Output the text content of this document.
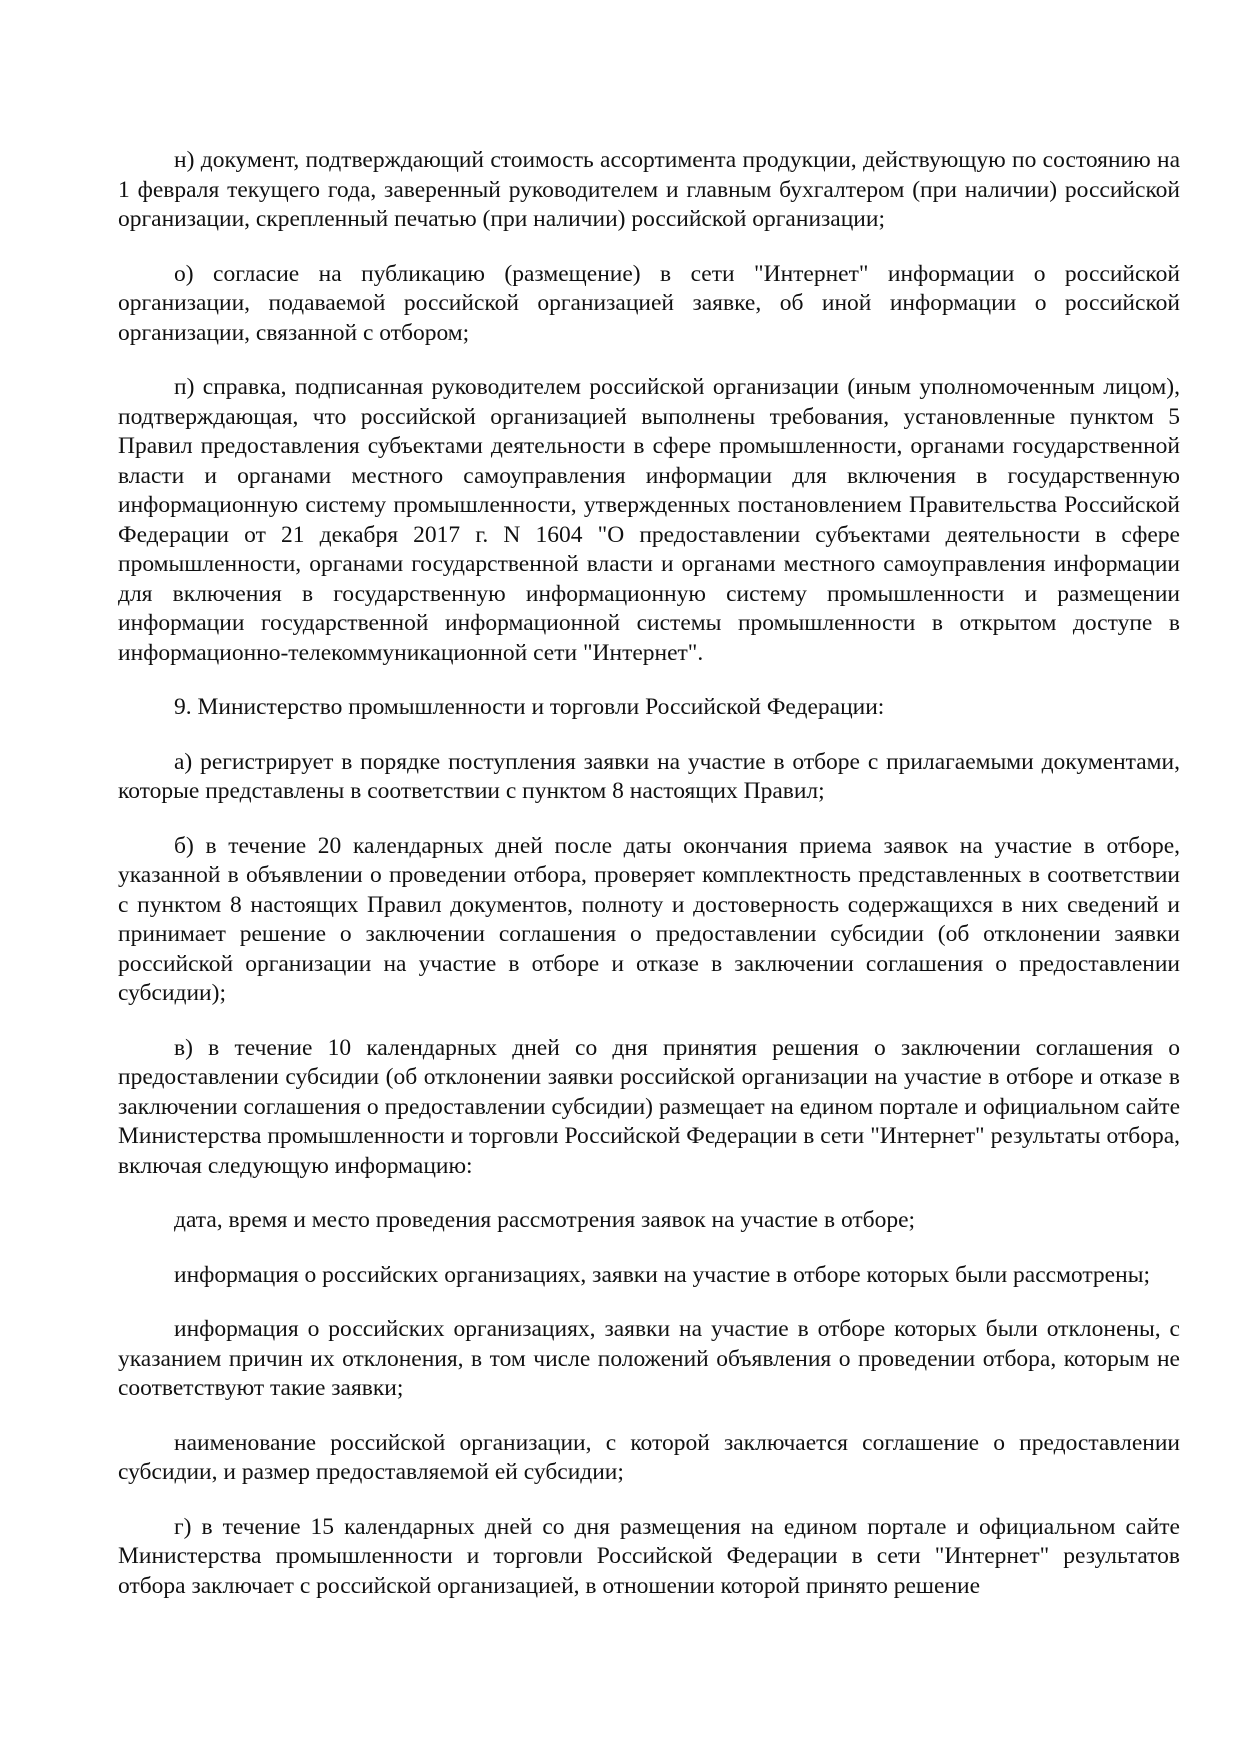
н) документ, подтверждающий стоимость ассортимента продукции, действующую по состоянию на 1 февраля текущего года, заверенный руководителем и главным бухгалтером (при наличии) российской организации, скрепленный печатью (при наличии) российской организации;

о) согласие на публикацию (размещение) в сети "Интернет" информации о российской организации, подаваемой российской организацией заявке, об иной информации о российской организации, связанной с отбором;

п) справка, подписанная руководителем российской организации (иным уполномоченным лицом), подтверждающая, что российской организацией выполнены требования, установленные пунктом 5 Правил предоставления субъектами деятельности в сфере промышленности, органами государственной власти и органами местного самоуправления информации для включения в государственную информационную систему промышленности, утвержденных постановлением Правительства Российской Федерации от 21 декабря 2017 г. N 1604 "О предоставлении субъектами деятельности в сфере промышленности, органами государственной власти и органами местного самоуправления информации для включения в государственную информационную систему промышленности и размещении информации государственной информационной системы промышленности в открытом доступе в информационно-телекоммуникационной сети "Интернет".

9. Министерство промышленности и торговли Российской Федерации:

а) регистрирует в порядке поступления заявки на участие в отборе с прилагаемыми документами, которые представлены в соответствии с пунктом 8 настоящих Правил;

б) в течение 20 календарных дней после даты окончания приема заявок на участие в отборе, указанной в объявлении о проведении отбора, проверяет комплектность представленных в соответствии с пунктом 8 настоящих Правил документов, полноту и достоверность содержащихся в них сведений и принимает решение о заключении соглашения о предоставлении субсидии (об отклонении заявки российской организации на участие в отборе и отказе в заключении соглашения о предоставлении субсидии);

в) в течение 10 календарных дней со дня принятия решения о заключении соглашения о предоставлении субсидии (об отклонении заявки российской организации на участие в отборе и отказе в заключении соглашения о предоставлении субсидии) размещает на едином портале и официальном сайте Министерства промышленности и торговли Российской Федерации в сети "Интернет" результаты отбора, включая следующую информацию:

дата, время и место проведения рассмотрения заявок на участие в отборе;

информация о российских организациях, заявки на участие в отборе которых были рассмотрены;

информация о российских организациях, заявки на участие в отборе которых были отклонены, с указанием причин их отклонения, в том числе положений объявления о проведении отбора, которым не соответствуют такие заявки;

наименование российской организации, с которой заключается соглашение о предоставлении субсидии, и размер предоставляемой ей субсидии;

г) в течение 15 календарных дней со дня размещения на едином портале и официальном сайте Министерства промышленности и торговли Российской Федерации в сети "Интернет" результатов отбора заключает с российской организацией, в отношении которой принято решение
